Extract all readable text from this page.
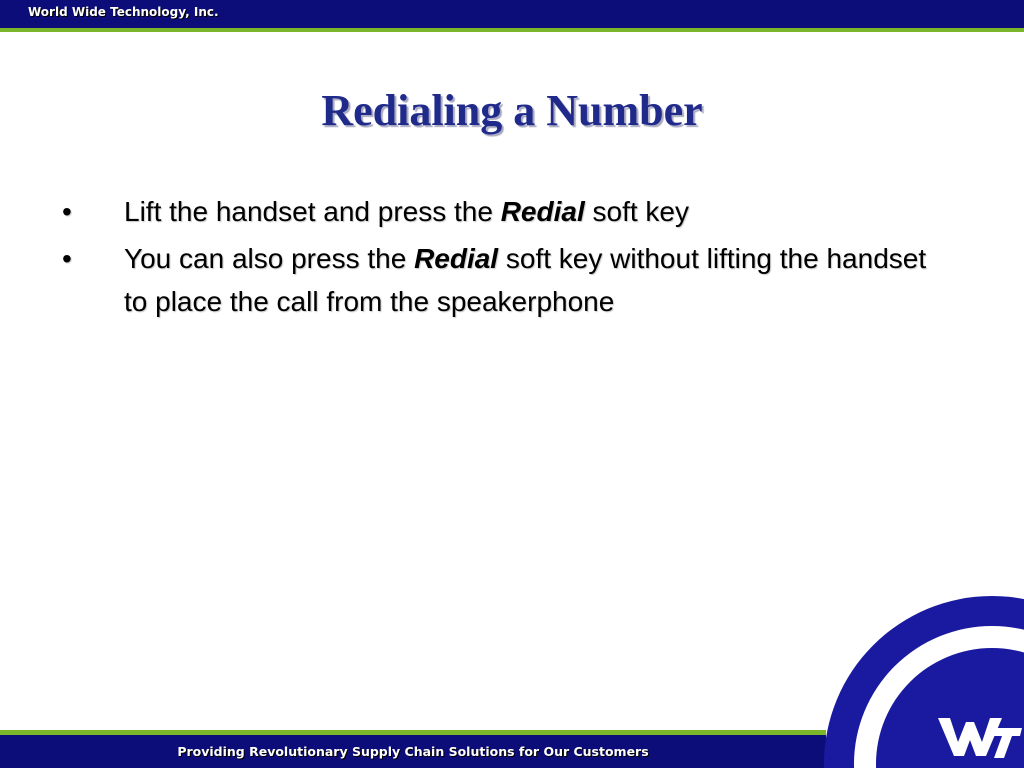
World Wide Technology, Inc.
Redialing a Number
• Lift the handset and press the Redial soft key
• You can also press the Redial soft key without lifting the handset to place the call from the speakerphone
Providing Revolutionary Supply Chain Solutions for Our Customers
